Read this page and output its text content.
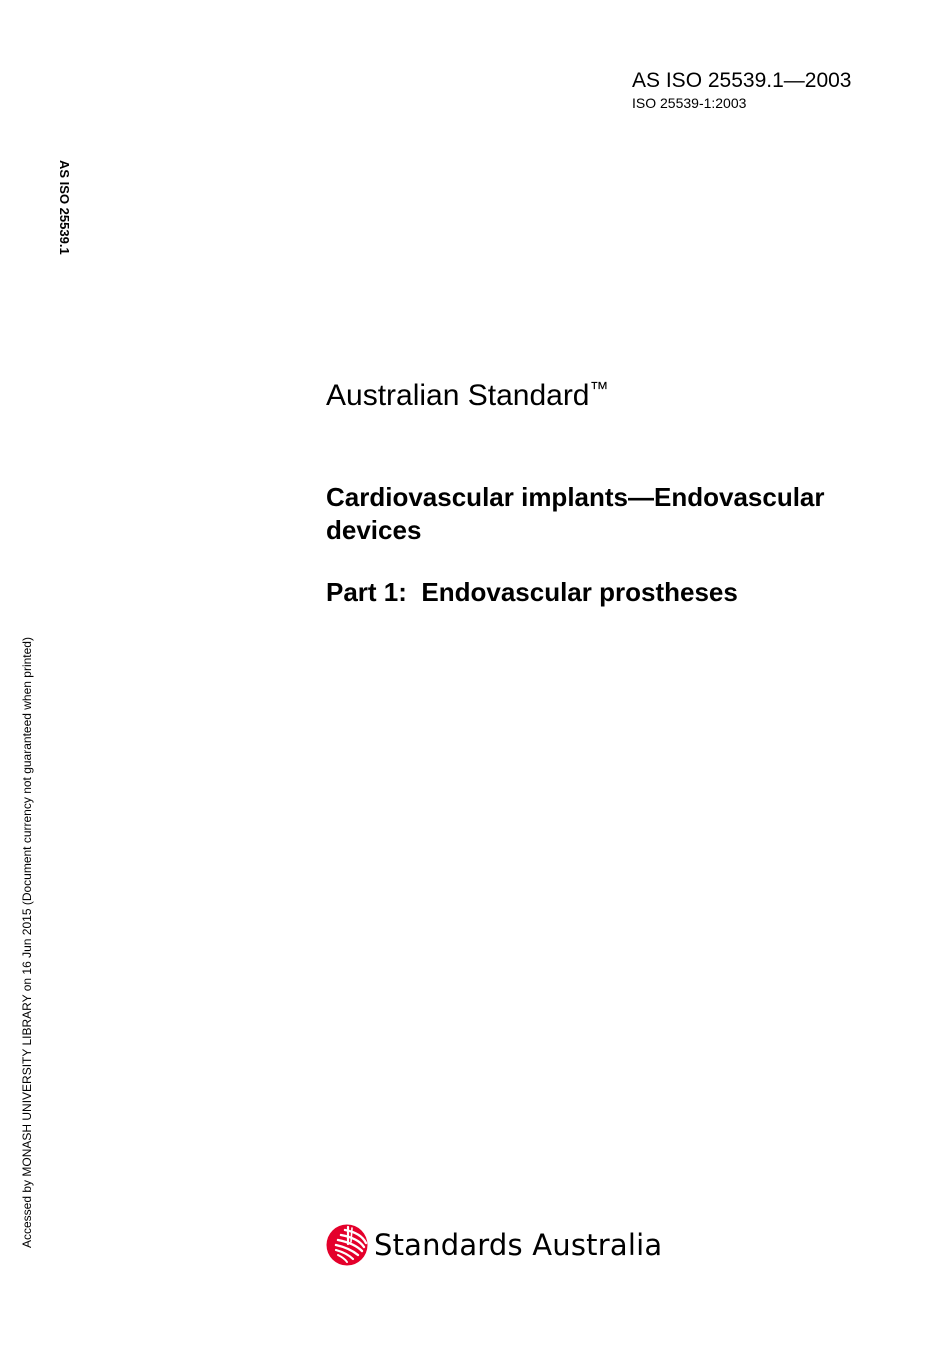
AS ISO 25539.1—2003
ISO 25539-1:2003
AS ISO 25539.1
Accessed by MONASH UNIVERSITY LIBRARY on 16 Jun 2015 (Document currency not guaranteed when printed)
Australian Standard™
Cardiovascular implants—Endovascular devices
Part 1:  Endovascular prostheses
Standards Australia
